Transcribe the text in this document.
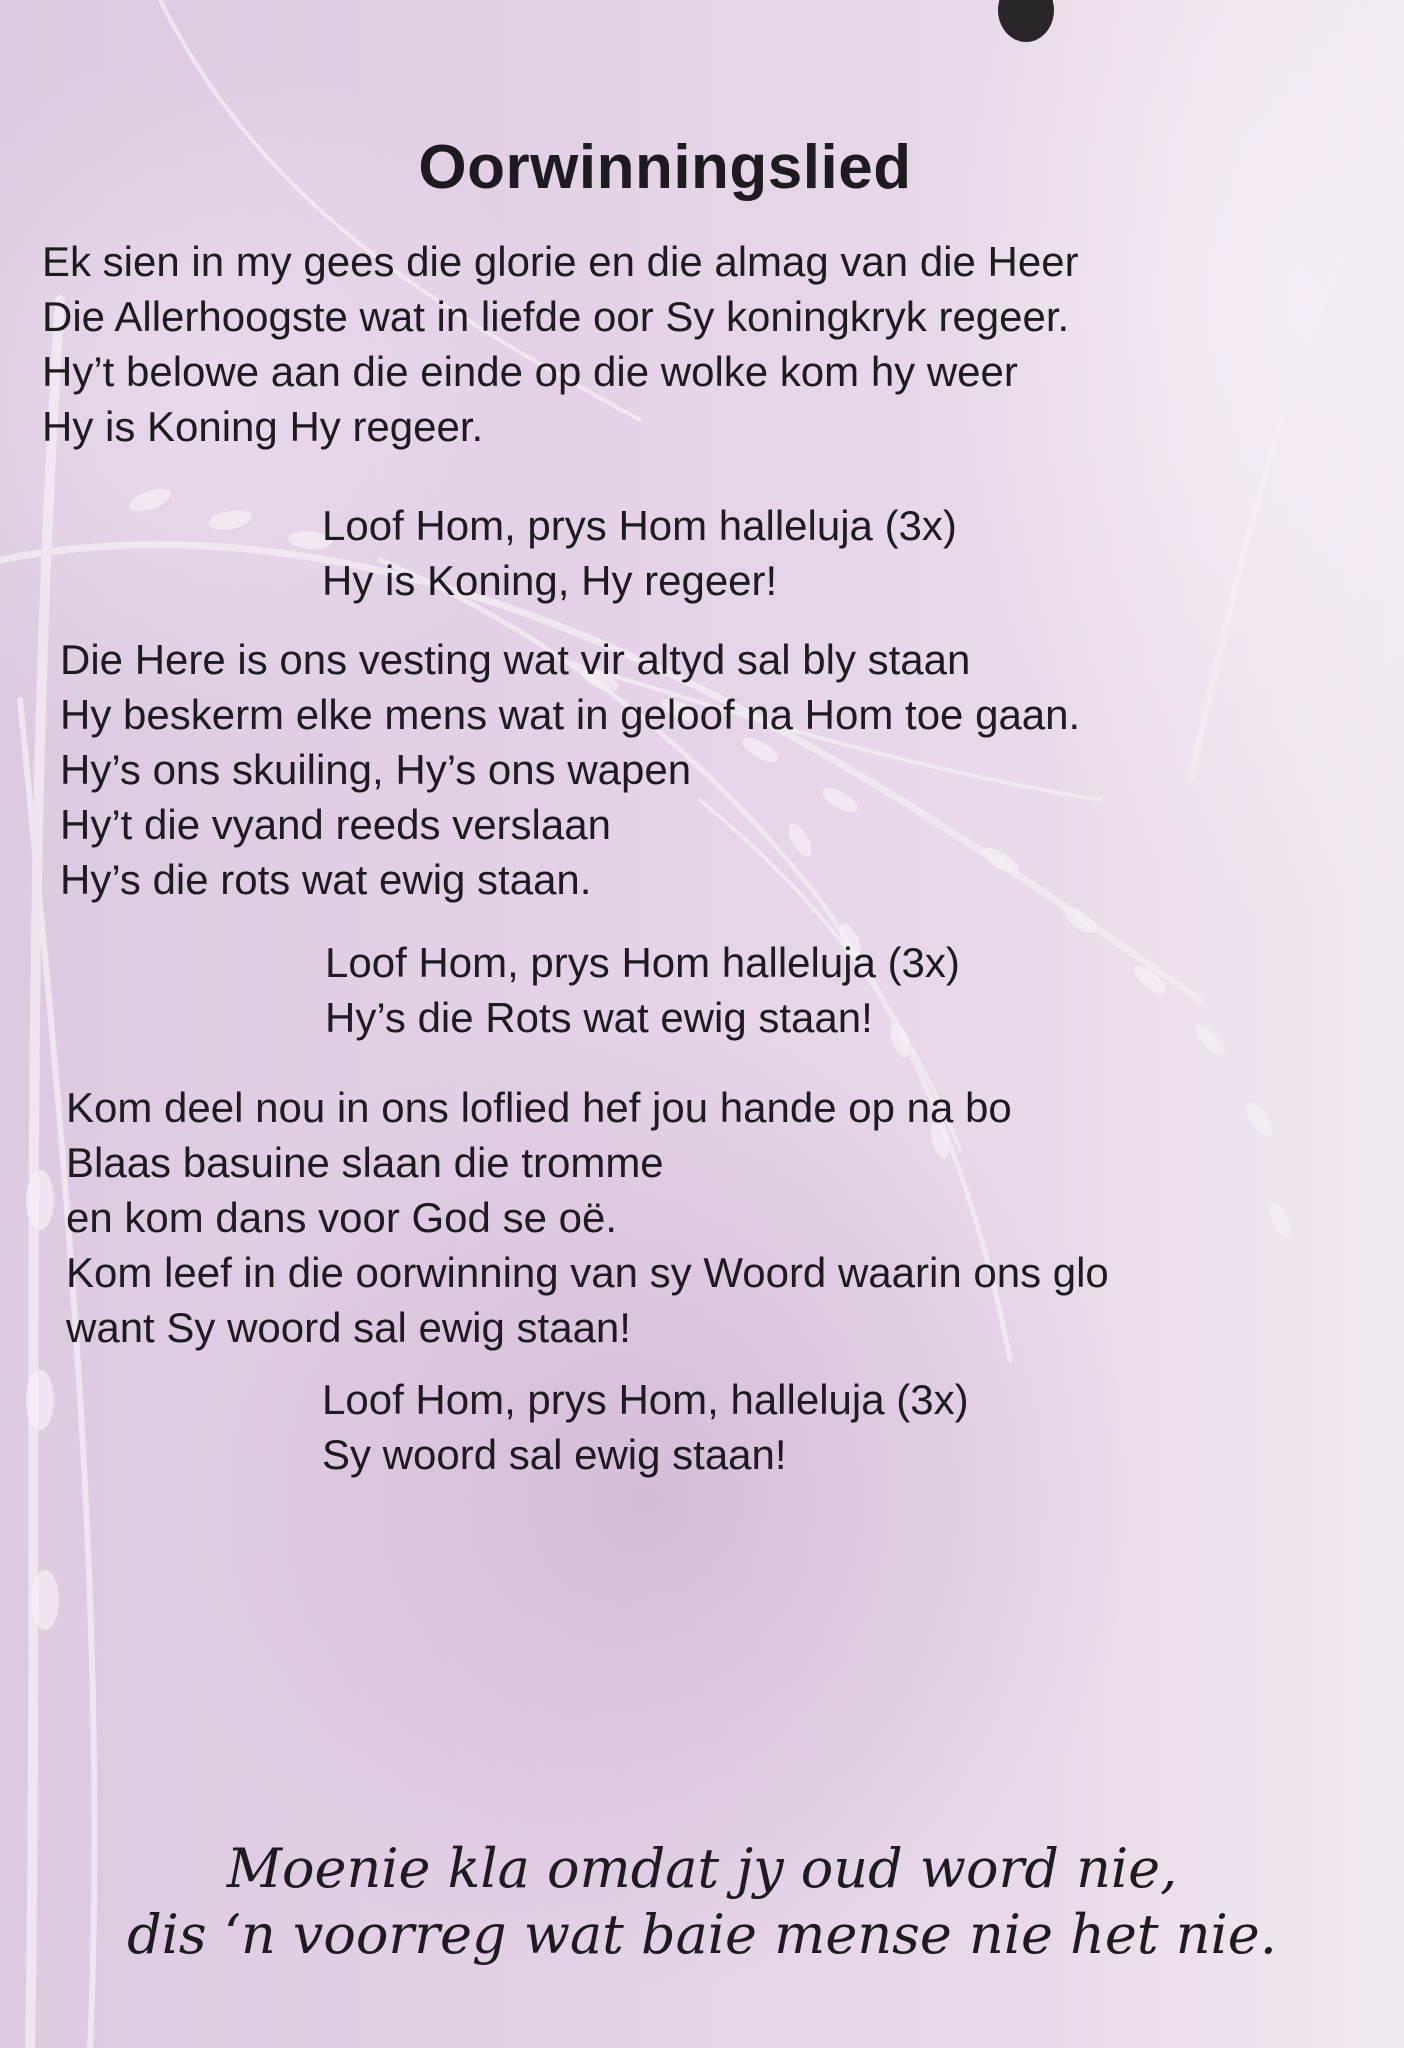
Oorwinningslied
Ek sien in my gees die glorie en die almag van die Heer
Die Allerhoogste wat in liefde oor Sy koningkryk regeer.
Hy’t belowe aan die einde op die wolke kom hy weer
Hy is Koning Hy regeer.
Loof Hom, prys Hom halleluja (3x)
Hy is Koning, Hy regeer!
Die Here is ons vesting wat vir altyd sal bly staan
Hy beskerm elke mens wat in geloof na Hom toe gaan.
Hy’s ons skuiling, Hy’s ons wapen
Hy’t die vyand reeds verslaan
Hy’s die rots wat ewig staan.
Loof Hom, prys Hom halleluja (3x)
Hy’s die Rots wat ewig staan!
Kom deel nou in ons loflied hef jou hande op na bo
Blaas basuine slaan die tromme
en kom dans voor God se oë.
Kom leef in die oorwinning van sy Woord waarin ons glo
want Sy woord sal ewig staan!
Loof Hom, prys Hom, halleluja (3x)
Sy woord sal ewig staan!
Moenie kla omdat jy oud word nie,
dis ‘n voorreg wat baie mense nie het nie.
